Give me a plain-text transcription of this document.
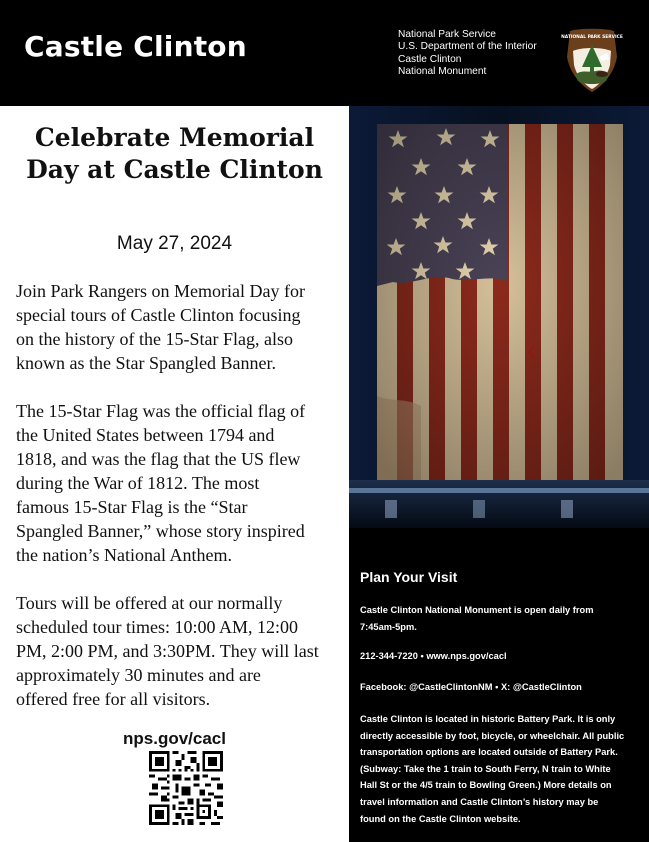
Castle Clinton	National Park Service
U.S. Department of the Interior
Castle Clinton
National Monument
NATIONAL PARK SERVICE
Celebrate Memorial
Day at Castle Clinton
May 27, 2024

Join Park Rangers on Memorial Day for
special tours of Castle Clinton focusing
on the history of the 15-Star Flag, also
known as the Star Spangled Banner.

The 15-Star Flag was the official flag of
the United States between 1794 and
1818, and was the flag that the US flew
during the War of 1812. The most
famous 15-Star Flag is the “Star
Spangled Banner,” whose story inspired
the nation’s National Anthem.

Tours will be offered at our normally
scheduled tour times: 10:00 AM, 12:00
PM, 2:00 PM, and 3:30PM. They will last
approximately 30 minutes and are
offered free for all visitors.

nps.gov/cacl
Plan Your Visit
Castle Clinton National Monument is open daily from
7:45am-5pm.
212-344-7220 • www.nps.gov/cacl
Facebook: @CastleClintonNM • X: @CastleClinton
Castle Clinton is located in historic Battery Park. It is only
directly accessible by foot, bicycle, or wheelchair. All public
transportation options are located outside of Battery Park.
(Subway: Take the 1 train to South Ferry, N train to White
Hall St or the 4/5 train to Bowling Green.) More details on
travel information and Castle Clinton’s history may be
found on the Castle Clinton website.
